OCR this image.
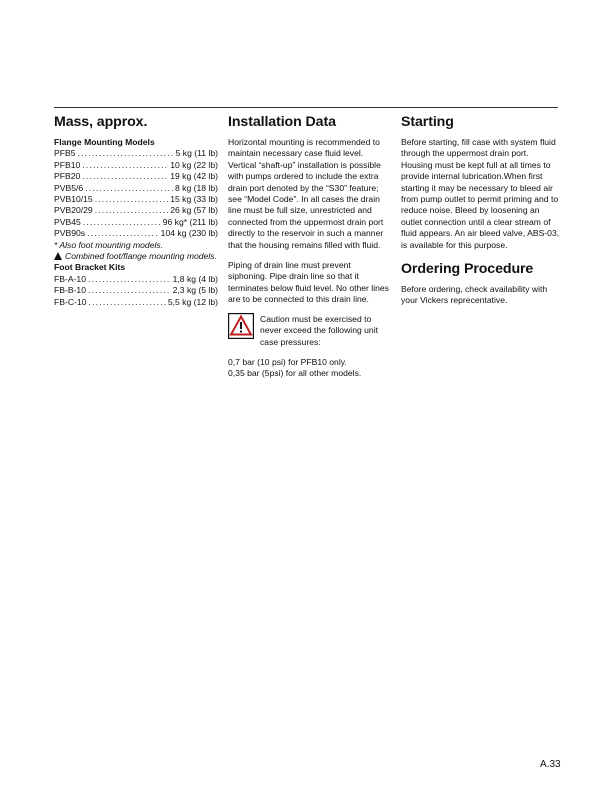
Mass, approx.
Flange Mounting Models
PFB5 .....	5 kg (11 lb)
PFB10 .....	10 kg (22 lb)
PFB20 .....	19 kg (42 lb)
PVB5/6 .....	8 kg (18 lb)
PVB10/15 .....	15 kg (33 lb)
PVB20/29 .....	26 kg (57 lb)
PVB45 .....	96 kg* (211 lb)
PVB90s .....	104 kg (230 lb)

* Also foot mounting models.

Combined foot/flange mounting models.

Foot Bracket Kits
FB-A-10 .....	1,8 kg (4 lb)
FB-B-10 .....	2,3 kg (5 lb)
FB-C-10 .....	5,5 kg (12 lb)
Installation Data

Horizontal mounting is recommended to maintain necessary case fluid level. Vertical “shaft-up” installation is possible with pumps ordered to include the extra drain port denoted by the “S30” feature; see “Model Code”. In all cases the drain line must be full size, unrestricted and connected from the uppermost drain port directly to the reservoir in such a manner that the housing remains filled with fluid.

Piping of drain line must prevent siphoning. Pipe drain line so that it terminates below fluid level. No other lines are to be connected to this drain line.

Caution must be exercised to never exceed the following unit case pressures:

0,7 bar (10 psi) for PFB10 only.

0,35 bar (5psi) for all other models.

Starting

Before starting, fill case with system fluid through the uppermost drain port. Housing must be kept full at all times to provide internal lubrication.When first starting it may be necessary to bleed air from pump outlet to permit priming and to reduce noise. Bleed by loosening an outlet connection until a clear stream of fluid appears. An air bleed valve, ABS-03, is available for this purpose.

Ordering Procedure

Before ordering, check availability with your Vickers reprecentative.

A.33
